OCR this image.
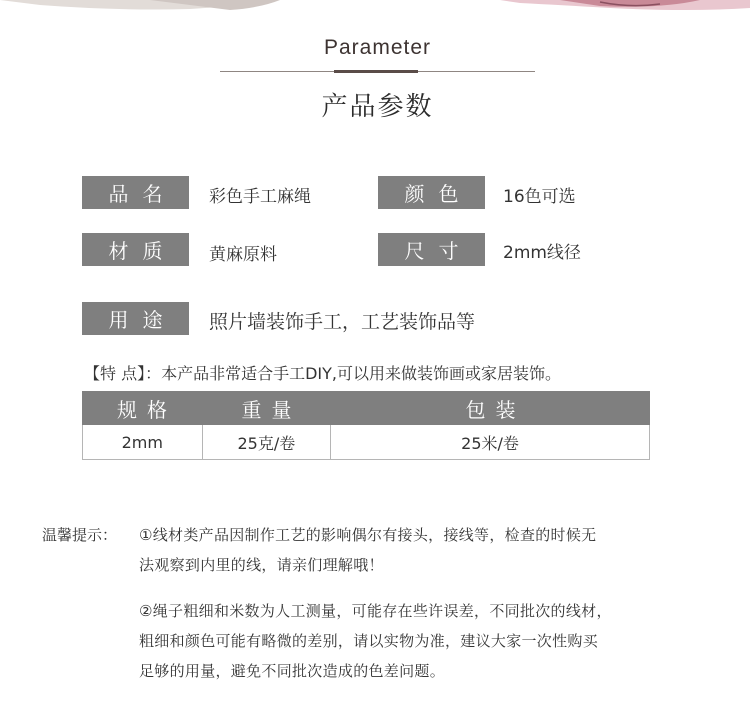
Parameter
产品参数
品名	彩色手工麻绳	颜色	16色可选
材质	黄麻原料	尺寸	2mm线径
用途	照片墙装饰手工，工艺装饰品等
【特 点】：本产品非常适合手工DIY,可以用来做装饰画或家居装饰。
规格	重量	包装
2mm	25克/卷	25米/卷
温馨提示： ①线材类产品因制作工艺的影响偶尔有接头，接线等，检查的时候无
法观察到内里的线，请亲们理解哦！
②绳子粗细和米数为人工测量，可能存在些许误差，不同批次的线材，
粗细和颜色可能有略微的差别，请以实物为准，建议大家一次性购买
足够的用量，避免不同批次造成的色差问题。
